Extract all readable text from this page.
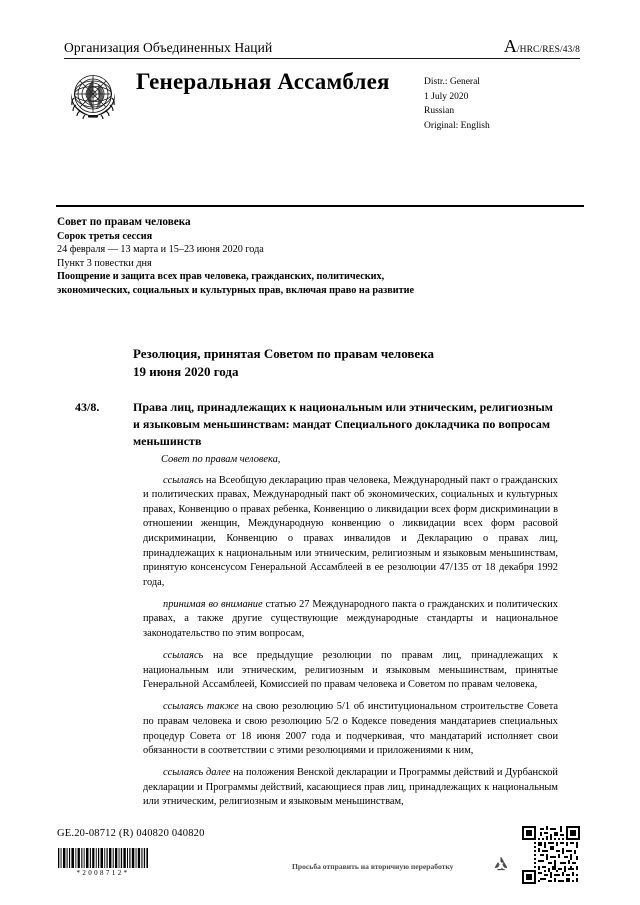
Организация Объединенных Наций	A/HRC/RES/43/8
Генеральная Ассамблея	Distr.: General
1 July 2020
Russian
Original: English
Совет по правам человека
Сорок третья сессия
24 февраля — 13 марта и 15–23 июня 2020 года
Пункт 3 повестки дня
Поощрение и защита всех прав человека, гражданских, политических, экономических, социальных и культурных прав, включая право на развитие
Резолюция, принятая Советом по правам человека
19 июня 2020 года
43/8.	Права лиц, принадлежащих к национальным или этническим, религиозным и языковым меньшинствам: мандат Специального докладчика по вопросам меньшинств
Совет по правам человека,

ссылаясь на Всеобщую декларацию прав человека, Международный пакт о гражданских и политических правах, Международный пакт об экономических, социальных и культурных правах, Конвенцию о правах ребенка, Конвенцию о ликвидации всех форм дискриминации в отношении женщин, Международную конвенцию о ликвидации всех форм расовой дискриминации, Конвенцию о правах инвалидов и Декларацию о правах лиц, принадлежащих к национальным или этническим, религиозным и языковым меньшинствам, принятую консенсусом Генеральной Ассамблеей в ее резолюции 47/135 от 18 декабря 1992 года,

принимая во внимание статью 27 Международного пакта о гражданских и политических правах, а также другие существующие международные стандарты и национальное законодательство по этим вопросам,

ссылаясь на все предыдущие резолюции по правам лиц, принадлежащих к национальным или этническим, религиозным и языковым меньшинствам, принятые Генеральной Ассамблеей, Комиссией по правам человека и Советом по правам человека,

ссылаясь также на свою резолюцию 5/1 об институциональном строительстве Совета по правам человека и свою резолюцию 5/2 о Кодексе поведения мандатариев специальных процедур Совета от 18 июня 2007 года и подчеркивая, что мандатарий исполняет свои обязанности в соответствии с этими резолюциями и приложениями к ним,

ссылаясь далее на положения Венской декларации и Программы действий и Дурбанской декларации и Программы действий, касающиеся прав лиц, принадлежащих к национальным или этническим, религиозным и языковым меньшинствам,

GE.20-08712 (R) 040820 040820
*2008712*
Просьба отправить на вторичную переработку
